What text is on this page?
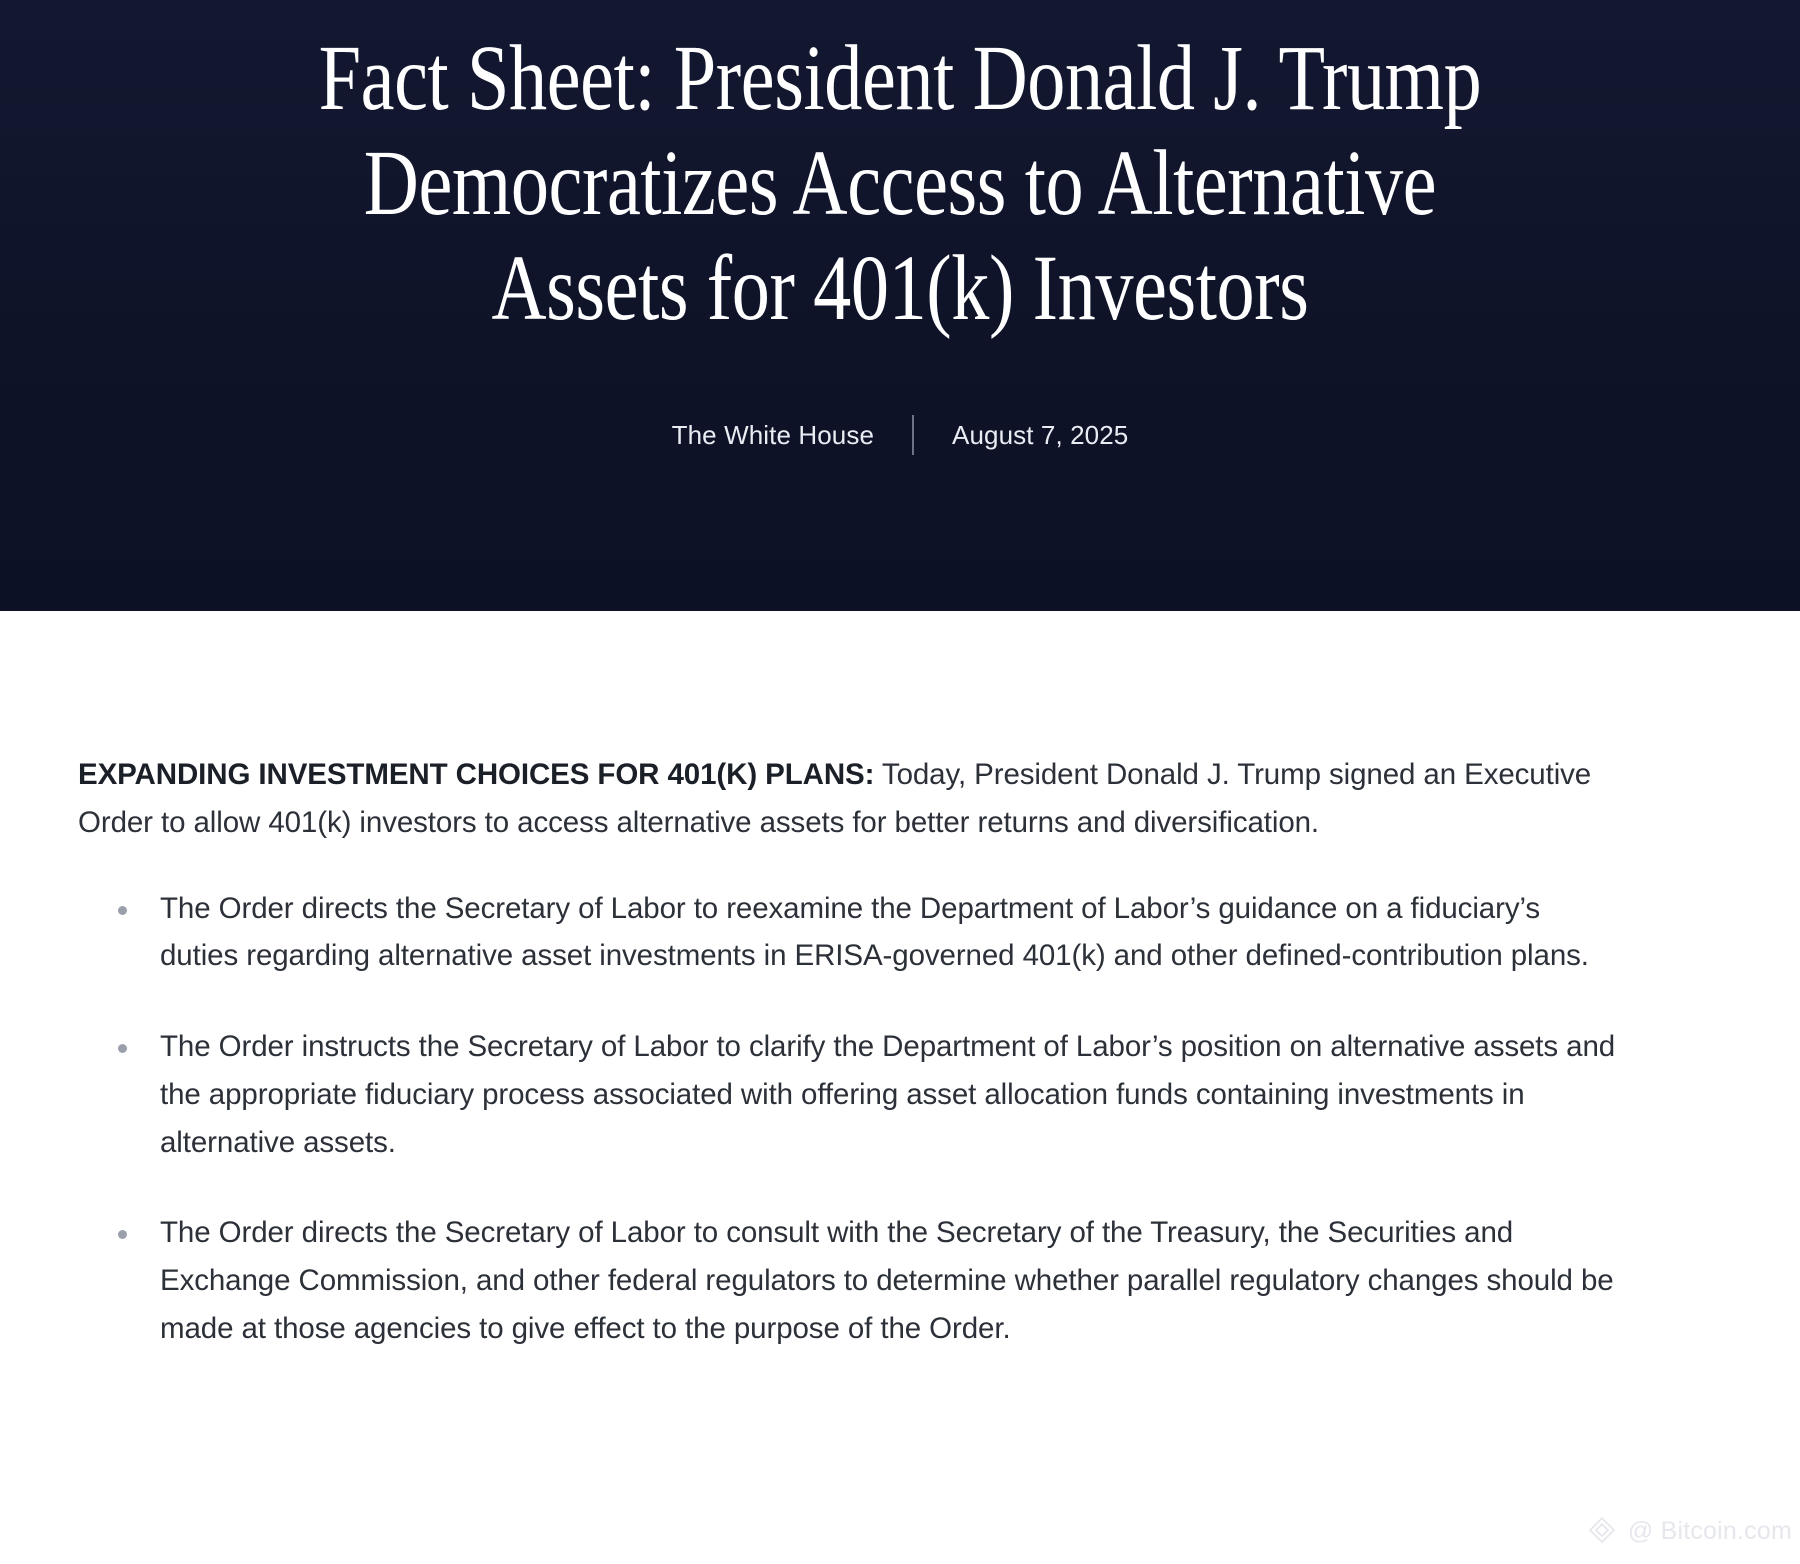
Fact Sheet: President Donald J. Trump Democratizes Access to Alternative Assets for 401(k) Investors
The White House	August 7, 2025

EXPANDING INVESTMENT CHOICES FOR 401(K) PLANS: Today, President Donald J. Trump signed an Executive Order to allow 401(k) investors to access alternative assets for better returns and diversification.

The Order directs the Secretary of Labor to reexamine the Department of Labor’s guidance on a fiduciary’s duties regarding alternative asset investments in ERISA-governed 401(k) and other defined-contribution plans.
The Order instructs the Secretary of Labor to clarify the Department of Labor’s position on alternative assets and the appropriate fiduciary process associated with offering asset allocation funds containing investments in alternative assets.
The Order directs the Secretary of Labor to consult with the Secretary of the Treasury, the Securities and Exchange Commission, and other federal regulators to determine whether parallel regulatory changes should be made at those agencies to give effect to the purpose of the Order.
@ Bitcoin.com
